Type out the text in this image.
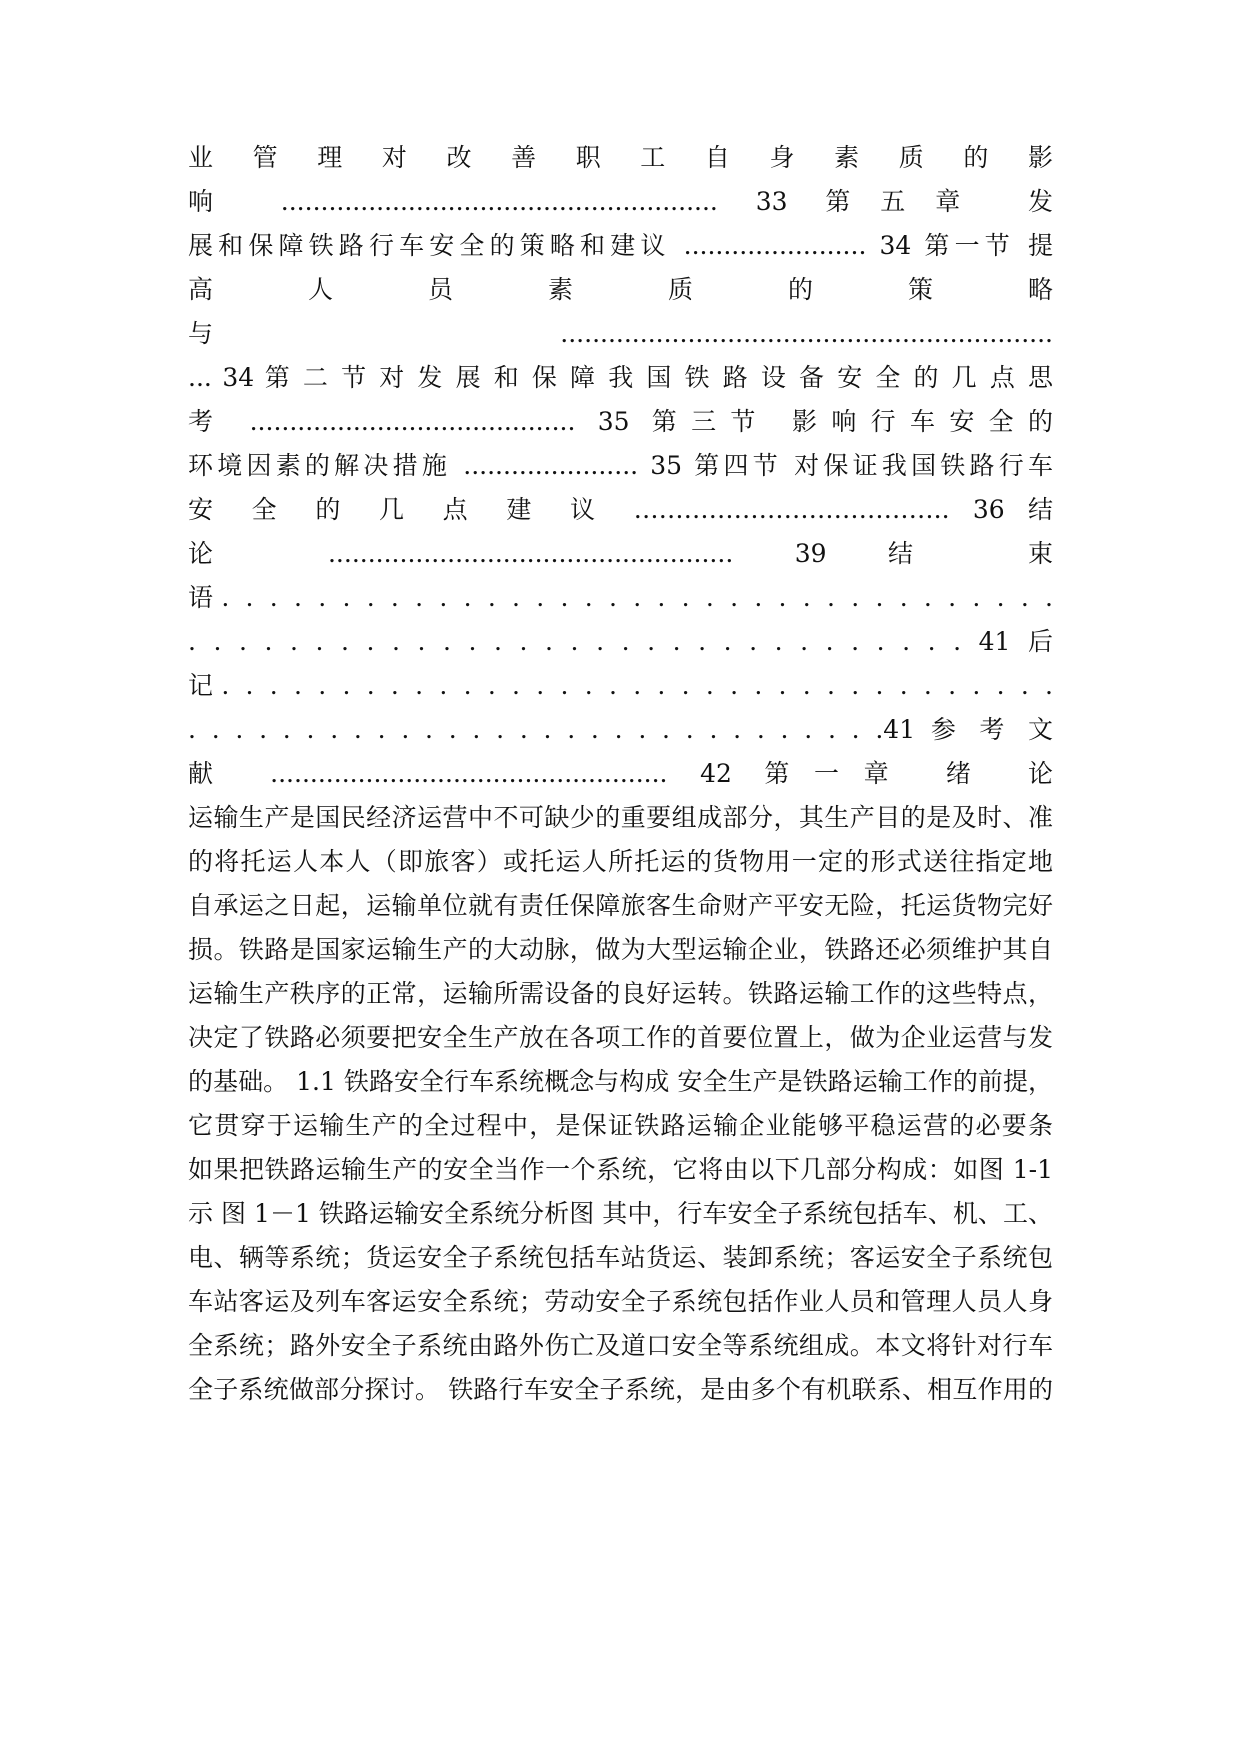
业 管 理 对 改 善 职 工 自 身 素 质 的 影
响 ....................................................... 33 第五章 发
展和保障铁路行车安全的策略和建议 ....................... 34 第一节 提
高 人 员 素 质 的 策 略
与 ..............................................................
... 34 第 二 节 对 发 展 和 保 障 我 国 铁 路 设 备 安 全 的 几 点 思
考 ......................................... 35 第三节 影响行车安全的
环境因素的解决措施 ...................... 35 第四节 对保证我国铁路行车
安 全 的 几 点 建 议 ……………………………….. 36 结
论 ................................................... 39 结 束
语. . . . . . . . . . . . . . . . . . . . . . . . . . . . . . . . . . .
. . . . . . . . . . . . . . . . . . . . . . . . . . . . . . . 41 后
记. . . . . . . . . . . . . . . . . . . . . . . . . . . . . . . . . . .
. . . . . . . . . . . . . . . . . . . . . . . . . . . . . .41 参 考 文
献 .................................................. 42 第一章 绪 论
运输生产是国民经济运营中不可缺少的重要组成部分，其生产目的是及时、准
的将托运人本人（即旅客）或托运人所托运的货物用一定的形式送往指定地
自承运之日起，运输单位就有责任保障旅客生命财产平安无险，托运货物完好
损。铁路是国家运输生产的大动脉，做为大型运输企业，铁路还必须维护其自
运输生产秩序的正常，运输所需设备的良好运转。铁路运输工作的这些特点，
决定了铁路必须要把安全生产放在各项工作的首要位置上，做为企业运营与发
的基础。 1.1 铁路安全行车系统概念与构成 安全生产是铁路运输工作的前提，
它贯穿于运输生产的全过程中，是保证铁路运输企业能够平稳运营的必要条
如果把铁路运输生产的安全当作一个系统，它将由以下几部分构成：如图 1-1
示 图 1－1 铁路运输安全系统分析图 其中，行车安全子系统包括车、机、工、
电、辆等系统；货运安全子系统包括车站货运、装卸系统；客运安全子系统包
车站客运及列车客运安全系统；劳动安全子系统包括作业人员和管理人员人身
全系统；路外安全子系统由路外伤亡及道口安全等系统组成。本文将针对行车
全子系统做部分探讨。 铁路行车安全子系统，是由多个有机联系、相互作用的
